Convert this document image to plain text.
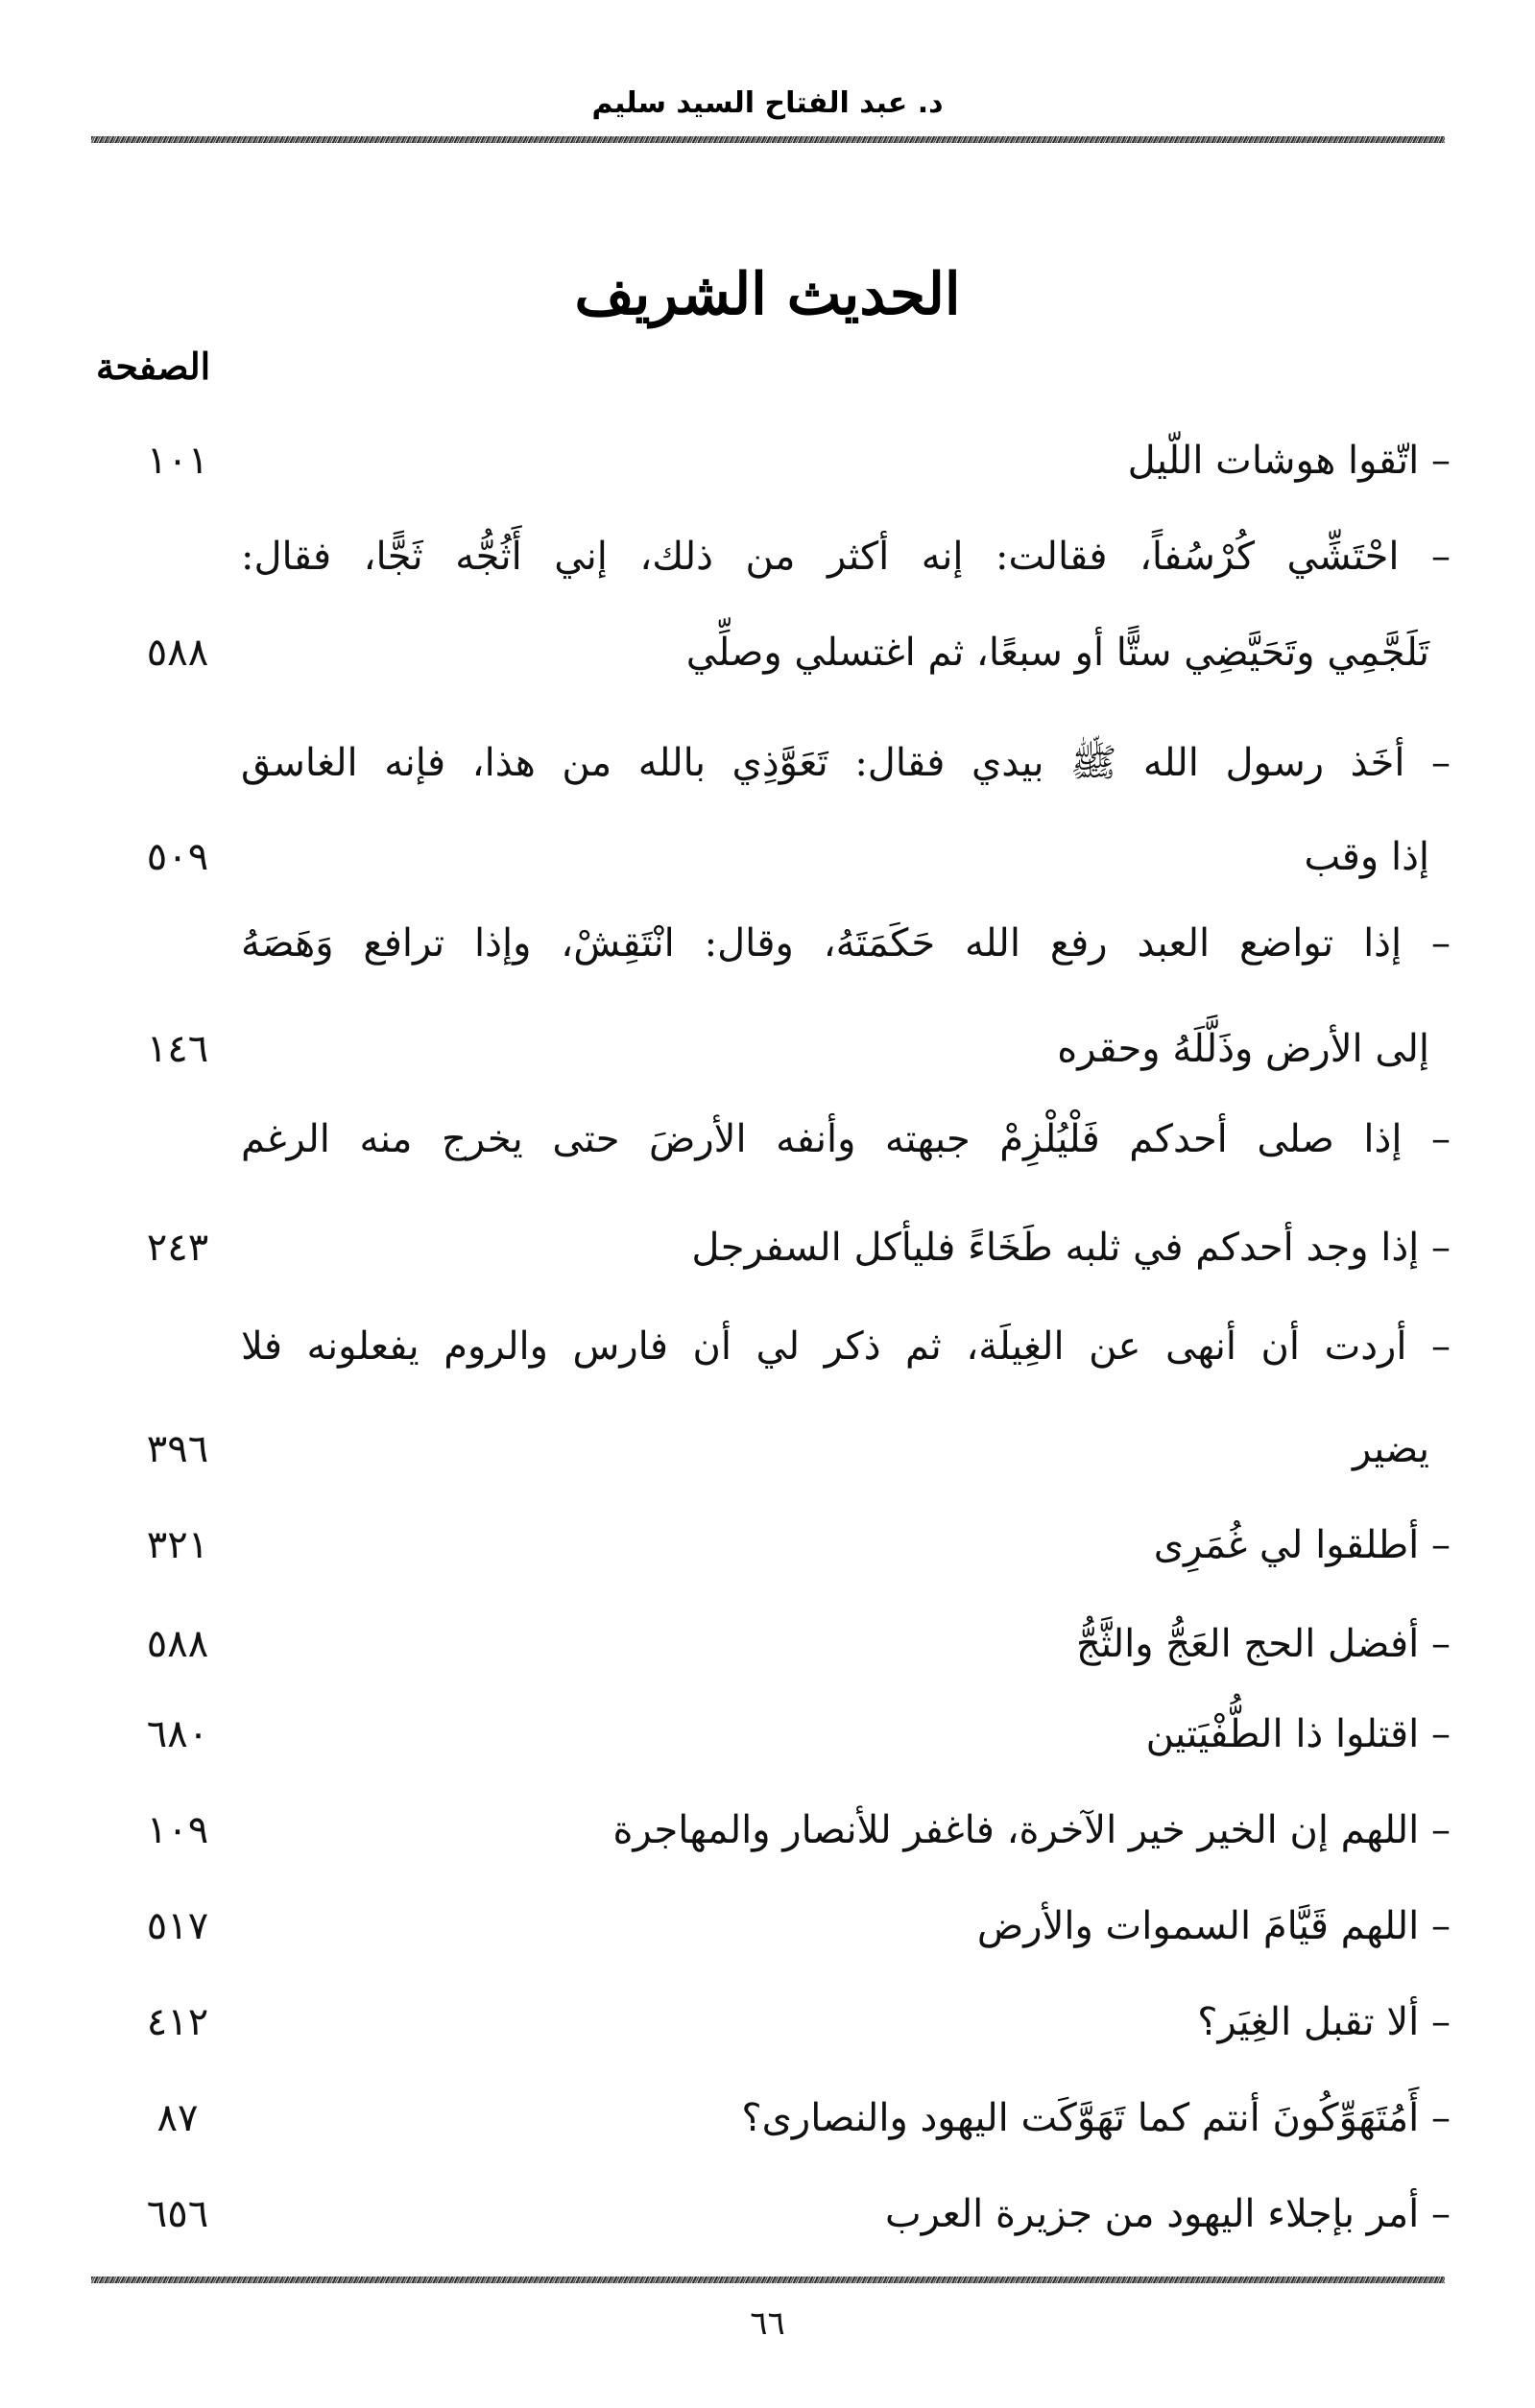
د. عبد الفتاح السيد سليم
الحديث الشريف
الصفحة
– اتّقوا هوشات اللّيل
١٠١
– احْتَشِّي كُرْسُفاً، فقالت: إنه أكثر من ذلك، إني أَثُجُّه ثَجًّا، فقال:
تَلَجَّمِي وتَحَيَّضِي ستًّا أو سبعًا، ثم اغتسلي وصلِّي
٥٨٨
– أخَذ رسول الله ﷺ بيدي فقال: تَعَوَّذِي بالله من هذا، فإنه الغاسق
إذا وقب
٥٠٩
– إذا تواضع العبد رفع الله حَكَمَتَهُ، وقال: انْتَقِشْ، وإذا ترافع وَهَصَهُ
إلى الأرض وذَلَّلَهُ وحقره
١٤٦
– إذا صلى أحدكم فَلْيُلْزِمْ جبهته وأنفه الأرضَ حتى يخرج منه الرغم
– إذا وجد أحدكم في ثلبه طَخَاءً فليأكل السفرجل
٢٤٣
– أردت أن أنهى عن الغِيلَة، ثم ذكر لي أن فارس والروم يفعلونه فلا
يضير
٣٩٦
– أطلقوا لي غُمَرِى
٣٢١
– أفضل الحج العَجُّ والثَّجُّ
٥٨٨
– اقتلوا ذا الطُّفْيَتين
٦٨٠
– اللهم إن الخير خير الآخرة، فاغفر للأنصار والمهاجرة
١٠٩
– اللهم قَيَّامَ السموات والأرض
٥١٧
– ألا تقبل الغِيَر؟
٤١٢
– أَمُتَهَوِّكُونَ أنتم كما تَهَوَّكَت اليهود والنصارى؟
٨٧
– أمر بإجلاء اليهود من جزيرة العرب
٦٥٦
٦٦
